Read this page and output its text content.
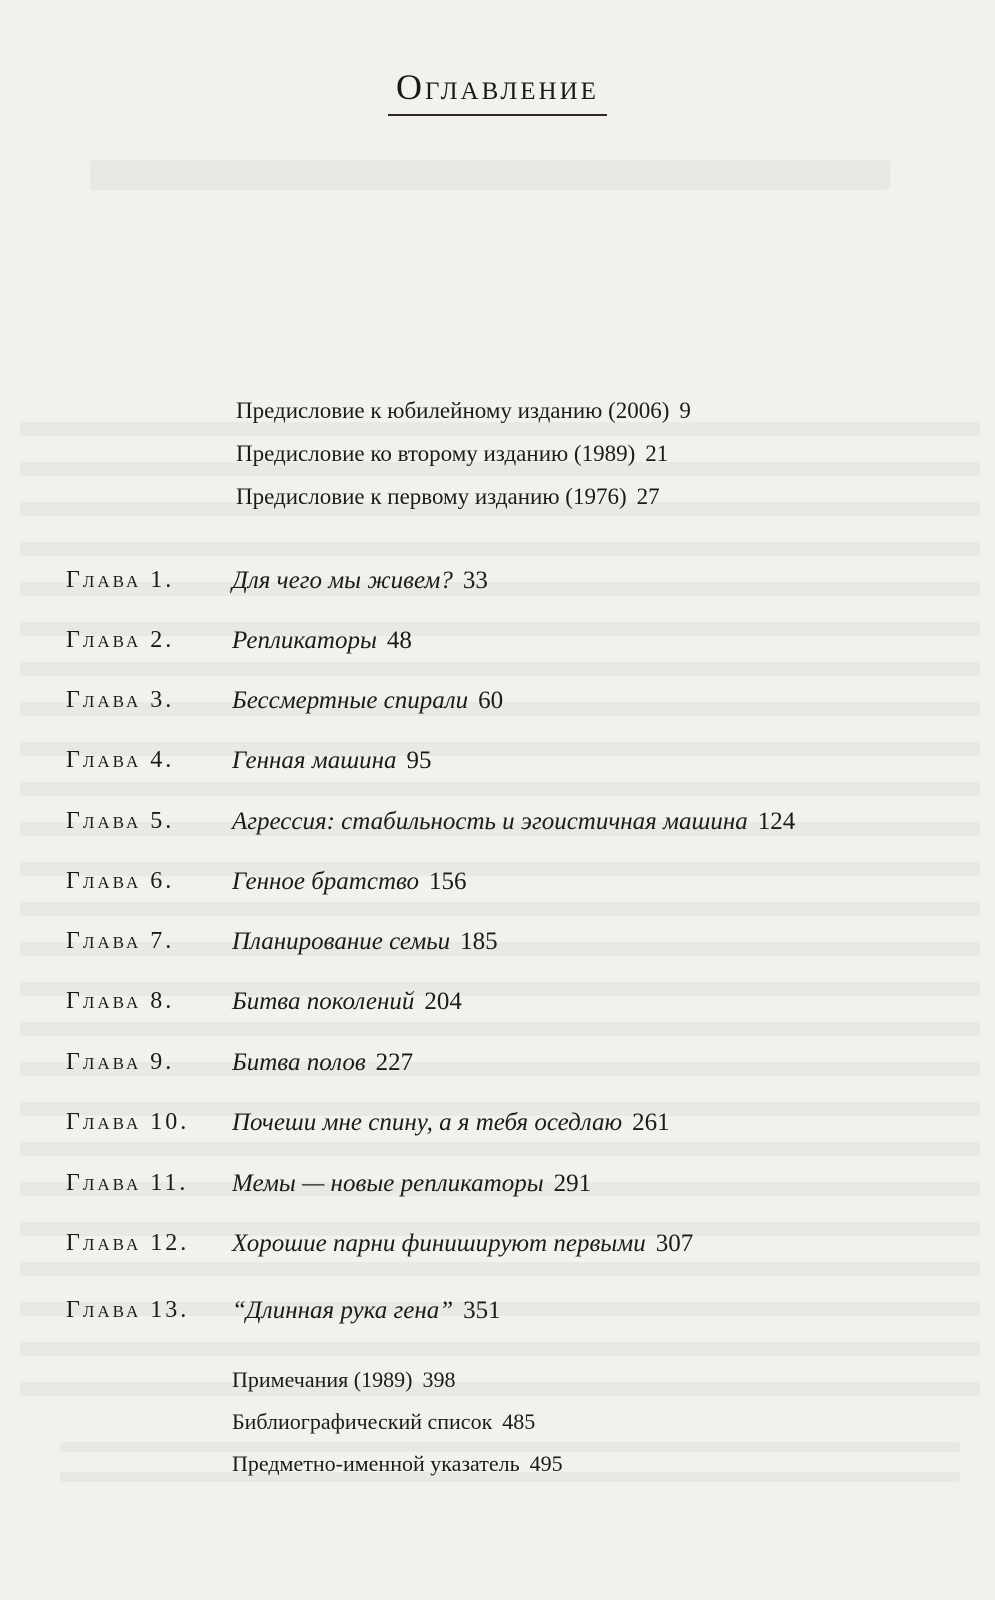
Оглавление
Предисловие к юбилейному изданию (2006) 9
Предисловие ко второму изданию (1989) 21
Предисловие к первому изданию (1976) 27
Глава 1. Для чего мы живем? 33
Глава 2. Репликаторы 48
Глава 3. Бессмертные спирали 60
Глава 4. Генная машина 95
Глава 5. Агрессия: стабильность и эгоистичная машина 124
Глава 6. Генное братство 156
Глава 7. Планирование семьи 185
Глава 8. Битва поколений 204
Глава 9. Битва полов 227
Глава 10. Почеши мне спину, а я тебя оседлаю 261
Глава 11. Мемы — новые репликаторы 291
Глава 12. Хорошие парни финишируют первыми 307
Глава 13. “Длинная рука гена” 351
Примечания (1989) 398
Библиографический список 485
Предметно-именной указатель 495
